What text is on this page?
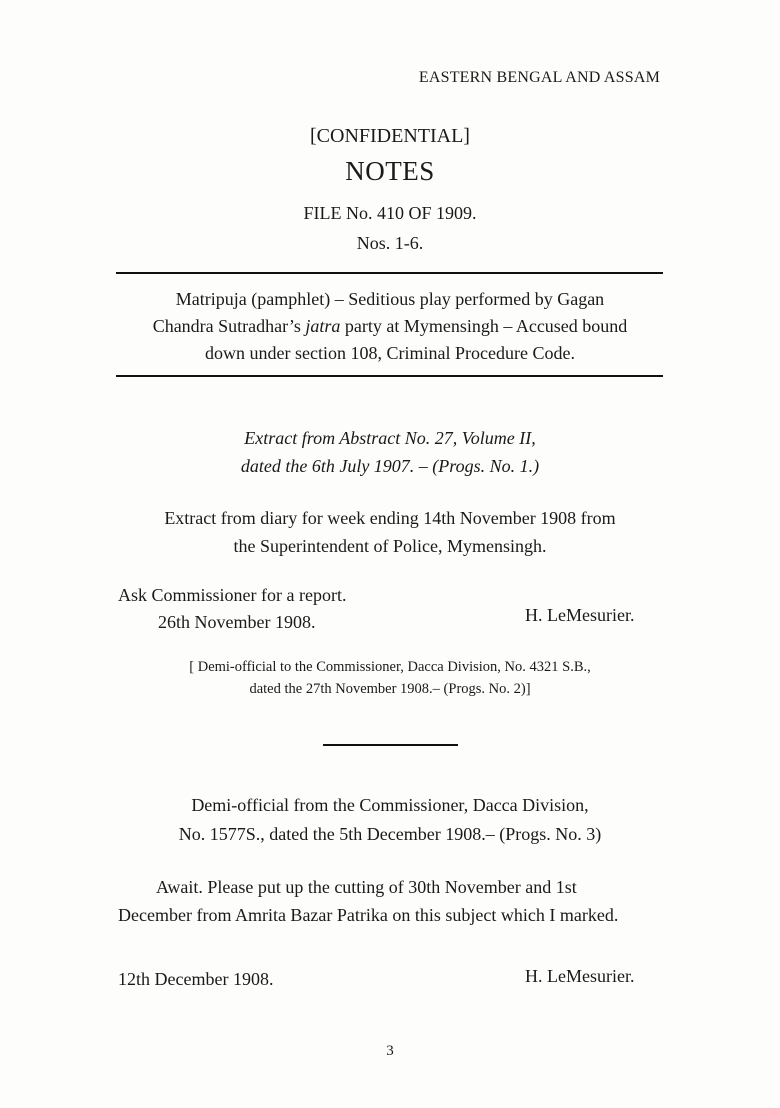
EASTERN BENGAL AND ASSAM
[CONFIDENTIAL]
NOTES
FILE No. 410 OF 1909.
Nos. 1-6.
Matripuja (pamphlet) – Seditious play performed by Gagan
Chandra Sutradhar’s jatra party at Mymensingh – Accused bound
down under section 108, Criminal Procedure Code.
Extract from Abstract No. 27, Volume II,
dated the 6th July 1907. – (Progs. No. 1.)
Extract from diary for week ending 14th November 1908 from
the Superintendent of Police, Mymensingh.
Ask Commissioner for a report.
26th November 1908.	H. LeMesurier.
[ Demi-official to the Commissioner, Dacca Division, No. 4321 S.B.,
dated the 27th November 1908.– (Progs. No. 2)]
Demi-official from the Commissioner, Dacca Division,
No. 1577S., dated the 5th December 1908.– (Progs. No. 3)
Await. Please put up the cutting of 30th November and 1st
December from Amrita Bazar Patrika on this subject which I marked.
12th December 1908.	H. LeMesurier.
3
